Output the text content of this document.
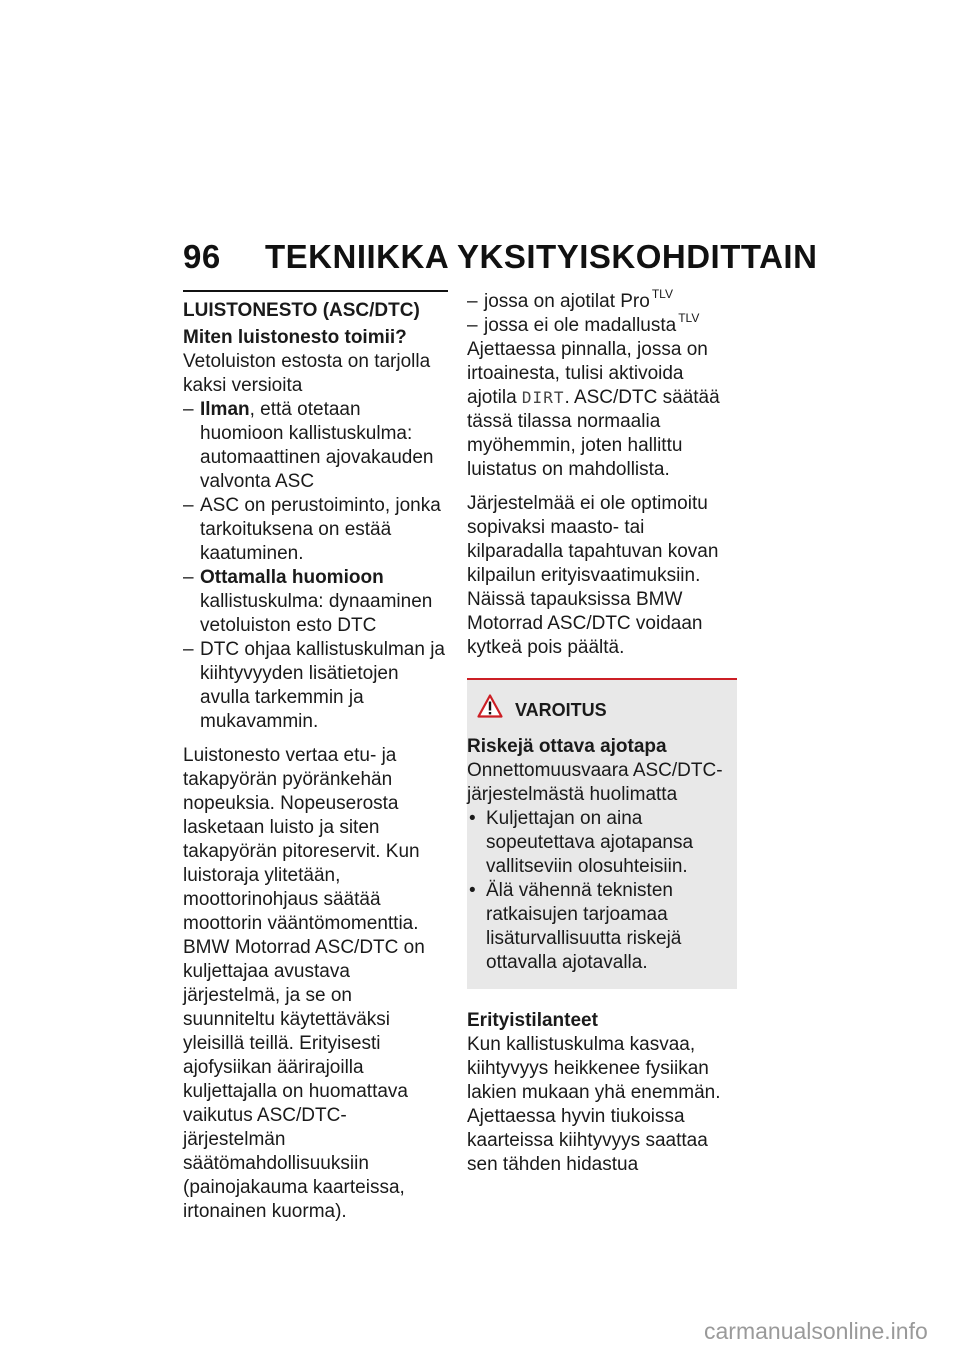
96 TEKNIIKKA YKSITYISKOHDITTAIN
LUISTONESTO (ASC/DTC)
Miten luistonesto toimii?

Vetoluiston estosta on tarjolla kaksi versioita

– Ilman, että otetaan huomioon kallistuskulma: automaattinen ajovakauden valvonta ASC
– ASC on perustoiminto, jonka tarkoituksena on estää kaatuminen.
– Ottamalla huomioon kallistuskulma: dynaaminen vetoluiston esto DTC
– DTC ohjaa kallistuskulman ja kiihtyvyyden lisätietojen avulla tarkemmin ja mukavammin.

Luistonesto vertaa etu- ja takapyörän pyöränkehän nopeuksia. Nopeuserosta lasketaan luisto ja siten takapyörän pitoreservit. Kun luistoraja ylitetään, moottorinohjaus säätää moottorin vääntömomenttia.

BMW Motorrad ASC/DTC on kuljettajaa avustava järjestelmä, ja se on suunniteltu käytettäväksi yleisillä teillä. Erityisesti ajofysiikan äärirajoilla kuljettajalla on huomattava vaikutus ASC/DTC-järjestelmän säätömahdollisuuksiin (painojakauma kaarteissa, irtonainen kuorma).

– jossa on ajotilat Pro $^{TLV}$
– jossa ei ole madallusta $^{TLV}$

Ajettaessa pinnalla, jossa on irtoainesta, tulisi aktivoida ajotila DIRT. ASC/DTC säätää tässä tilassa normaalia myöhemmin, joten hallittu luistatus on mahdollista.

Järjestelmää ei ole optimoitu sopivaksi maasto- tai kilparadalla tapahtuvan kovan kilpailun erityisvaatimuksiin. Näissä tapauksissa BMW Motorrad ASC/DTC voidaan kytkeä pois päältä.

VAROITUS
Riskejä ottava ajotapa

Onnettomuusvaara ASC/DTC-järjestelmästä huolimatta

• Kuljettajan on aina sopeutettava ajotapansa vallitseviin olosuhteisiin.
• Älä vähennä teknisten ratkaisujen tarjoamaa lisäturvallisuutta riskejä ottavalla ajotavalla.
Erityistilanteet

Kun kallistuskulma kasvaa, kiihtyvyys heikkenee fysiikan lakien mukaan yhä enemmän. Ajettaessa hyvin tiukoissa kaarteissa kiihtyvyys saattaa sen tähden hidastua

carmanualsonline.info
